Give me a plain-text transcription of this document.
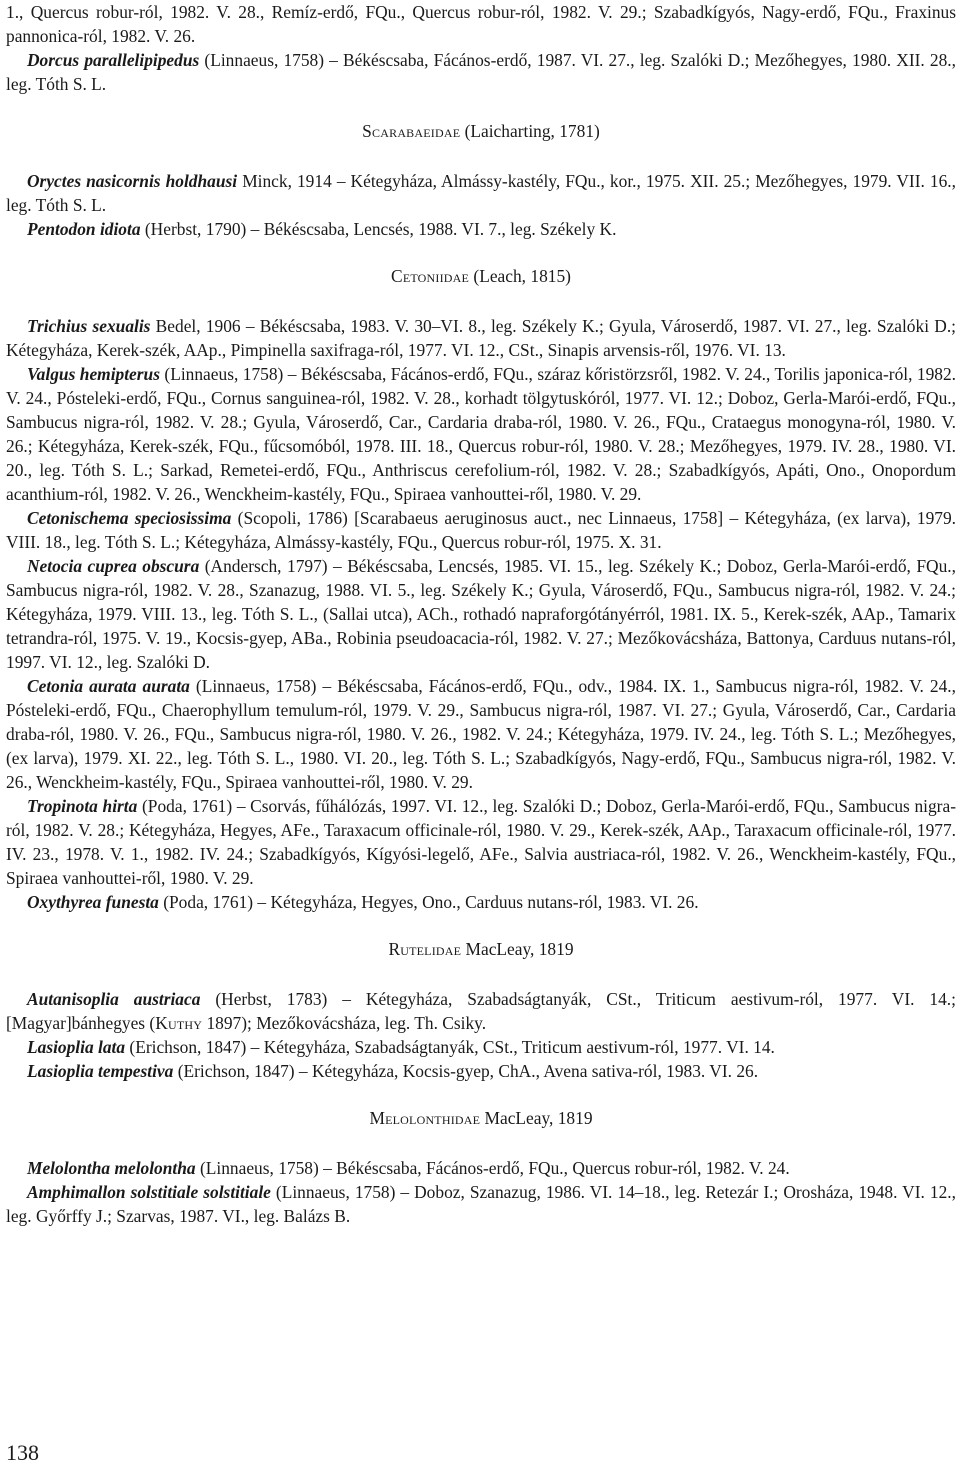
1., Quercus robur-ról, 1982. V. 28., Remíz-erdő, FQu., Quercus robur-ról, 1982. V. 29.; Szabadkígyós, Nagy-erdő, FQu., Fraxinus pannonica-ról, 1982. V. 26.

Dorcus parallelipipedus (Linnaeus, 1758) – Békéscsaba, Fácános-erdő, 1987. VI. 27., leg. Szalóki D.; Mezőhegyes, 1980. XII. 28., leg. Tóth S. L.

Scarabaeidae (Laicharting, 1781)

Oryctes nasicornis holdhausi Minck, 1914 – Kétegyháza, Almássy-kastély, FQu., kor., 1975. XII. 25.; Mezőhegyes, 1979. VII. 16., leg. Tóth S. L.

Pentodon idiota (Herbst, 1790) – Békéscsaba, Lencsés, 1988. VI. 7., leg. Székely K.

Cetoniidae (Leach, 1815)

Trichius sexualis Bedel, 1906 – Békéscsaba, 1983. V. 30–VI. 8., leg. Székely K.; Gyula, Városerdő, 1987. VI. 27., leg. Szalóki D.; Kétegyháza, Kerek-szék, AAp., Pimpinella saxifraga-ról, 1977. VI. 12., CSt., Sinapis arvensis-ről, 1976. VI. 13.

Valgus hemipterus (Linnaeus, 1758) – Békéscsaba, Fácános-erdő, FQu., száraz kőristörzsről, 1982. V. 24., Torilis japonica-ról, 1982. V. 24., Pósteleki-erdő, FQu., Cornus sanguinea-ról, 1982. V. 28., korhadt tölgytuskóról, 1977. VI. 12.; Doboz, Gerla-Marói-erdő, FQu., Sambucus nigra-ról, 1982. V. 28.; Gyula, Városerdő, Car., Cardaria draba-ról, 1980. V. 26., FQu., Crataegus monogyna-ról, 1980. V. 26.; Kétegyháza, Kerek-szék, FQu., fűcsomóból, 1978. III. 18., Quercus robur-ról, 1980. V. 28.; Mezőhegyes, 1979. IV. 28., 1980. VI. 20., leg. Tóth S. L.; Sarkad, Remetei-erdő, FQu., Anthriscus cerefolium-ról, 1982. V. 28.; Szabadkígyós, Apáti, Ono., Onopordum acanthium-ról, 1982. V. 26., Wenckheim-kastély, FQu., Spiraea vanhouttei-ről, 1980. V. 29.

Cetonischema speciosissima (Scopoli, 1786) [Scarabaeus aeruginosus auct., nec Linnaeus, 1758] – Kétegyháza, (ex larva), 1979. VIII. 18., leg. Tóth S. L.; Kétegyháza, Almássy-kastély, FQu., Quercus robur-ról, 1975. X. 31.

Netocia cuprea obscura (Andersch, 1797) – Békéscsaba, Lencsés, 1985. VI. 15., leg. Székely K.; Doboz, Gerla-Marói-erdő, FQu., Sambucus nigra-ról, 1982. V. 28., Szanazug, 1988. VI. 5., leg. Székely K.; Gyula, Városerdő, FQu., Sambucus nigra-ról, 1982. V. 24.; Kétegyháza, 1979. VIII. 13., leg. Tóth S. L., (Sallai utca), ACh., rothadó napraforgótányérról, 1981. IX. 5., Kerek-szék, AAp., Tamarix tetrandra-ról, 1975. V. 19., Kocsis-gyep, ABa., Robinia pseudoacacia-ról, 1982. V. 27.; Mezőkovácsháza, Battonya, Carduus nutans-ról, 1997. VI. 12., leg. Szalóki D.

Cetonia aurata aurata (Linnaeus, 1758) – Békéscsaba, Fácános-erdő, FQu., odv., 1984. IX. 1., Sambucus nigra-ról, 1982. V. 24., Pósteleki-erdő, FQu., Chaerophyllum temulum-ról, 1979. V. 29., Sambucus nigra-ról, 1987. VI. 27.; Gyula, Városerdő, Car., Cardaria draba-ról, 1980. V. 26., FQu., Sambucus nigra-ról, 1980. V. 26., 1982. V. 24.; Kétegyháza, 1979. IV. 24., leg. Tóth S. L.; Mezőhegyes, (ex larva), 1979. XI. 22., leg. Tóth S. L., 1980. VI. 20., leg. Tóth S. L.; Szabadkígyós, Nagy-erdő, FQu., Sambucus nigra-ról, 1982. V. 26., Wenckheim-kastély, FQu., Spiraea vanhouttei-ről, 1980. V. 29.

Tropinota hirta (Poda, 1761) – Csorvás, fűhálózás, 1997. VI. 12., leg. Szalóki D.; Doboz, Gerla-Marói-erdő, FQu., Sambucus nigra-ról, 1982. V. 28.; Kétegyháza, Hegyes, AFe., Taraxacum officinale-ról, 1980. V. 29., Kerek-szék, AAp., Taraxacum officinale-ról, 1977. IV. 23., 1978. V. 1., 1982. IV. 24.; Szabadkígyós, Kígyósi-legelő, AFe., Salvia austriaca-ról, 1982. V. 26., Wenckheim-kastély, FQu., Spiraea vanhouttei-ről, 1980. V. 29.

Oxythyrea funesta (Poda, 1761) – Kétegyháza, Hegyes, Ono., Carduus nutans-ról, 1983. VI. 26.

Rutelidae MacLeay, 1819

Autanisoplia austriaca (Herbst, 1783) – Kétegyháza, Szabadságtanyák, CSt., Triticum aestivum-ról, 1977. VI. 14.; [Magyar]bánhegyes (Kuthy 1897); Mezőkovácsháza, leg. Th. Csiky.

Lasioplia lata (Erichson, 1847) – Kétegyháza, Szabadságtanyák, CSt., Triticum aestivum-ról, 1977. VI. 14.

Lasioplia tempestiva (Erichson, 1847) – Kétegyháza, Kocsis-gyep, ChA., Avena sativa-ról, 1983. VI. 26.

Melolonthidae MacLeay, 1819

Melolontha melolontha (Linnaeus, 1758) – Békéscsaba, Fácános-erdő, FQu., Quercus robur-ról, 1982. V. 24.

Amphimallon solstitiale solstitiale (Linnaeus, 1758) – Doboz, Szanazug, 1986. VI. 14–18., leg. Retezár I.; Orosháza, 1948. VI. 12., leg. Győrffy J.; Szarvas, 1987. VI., leg. Balázs B.

138
